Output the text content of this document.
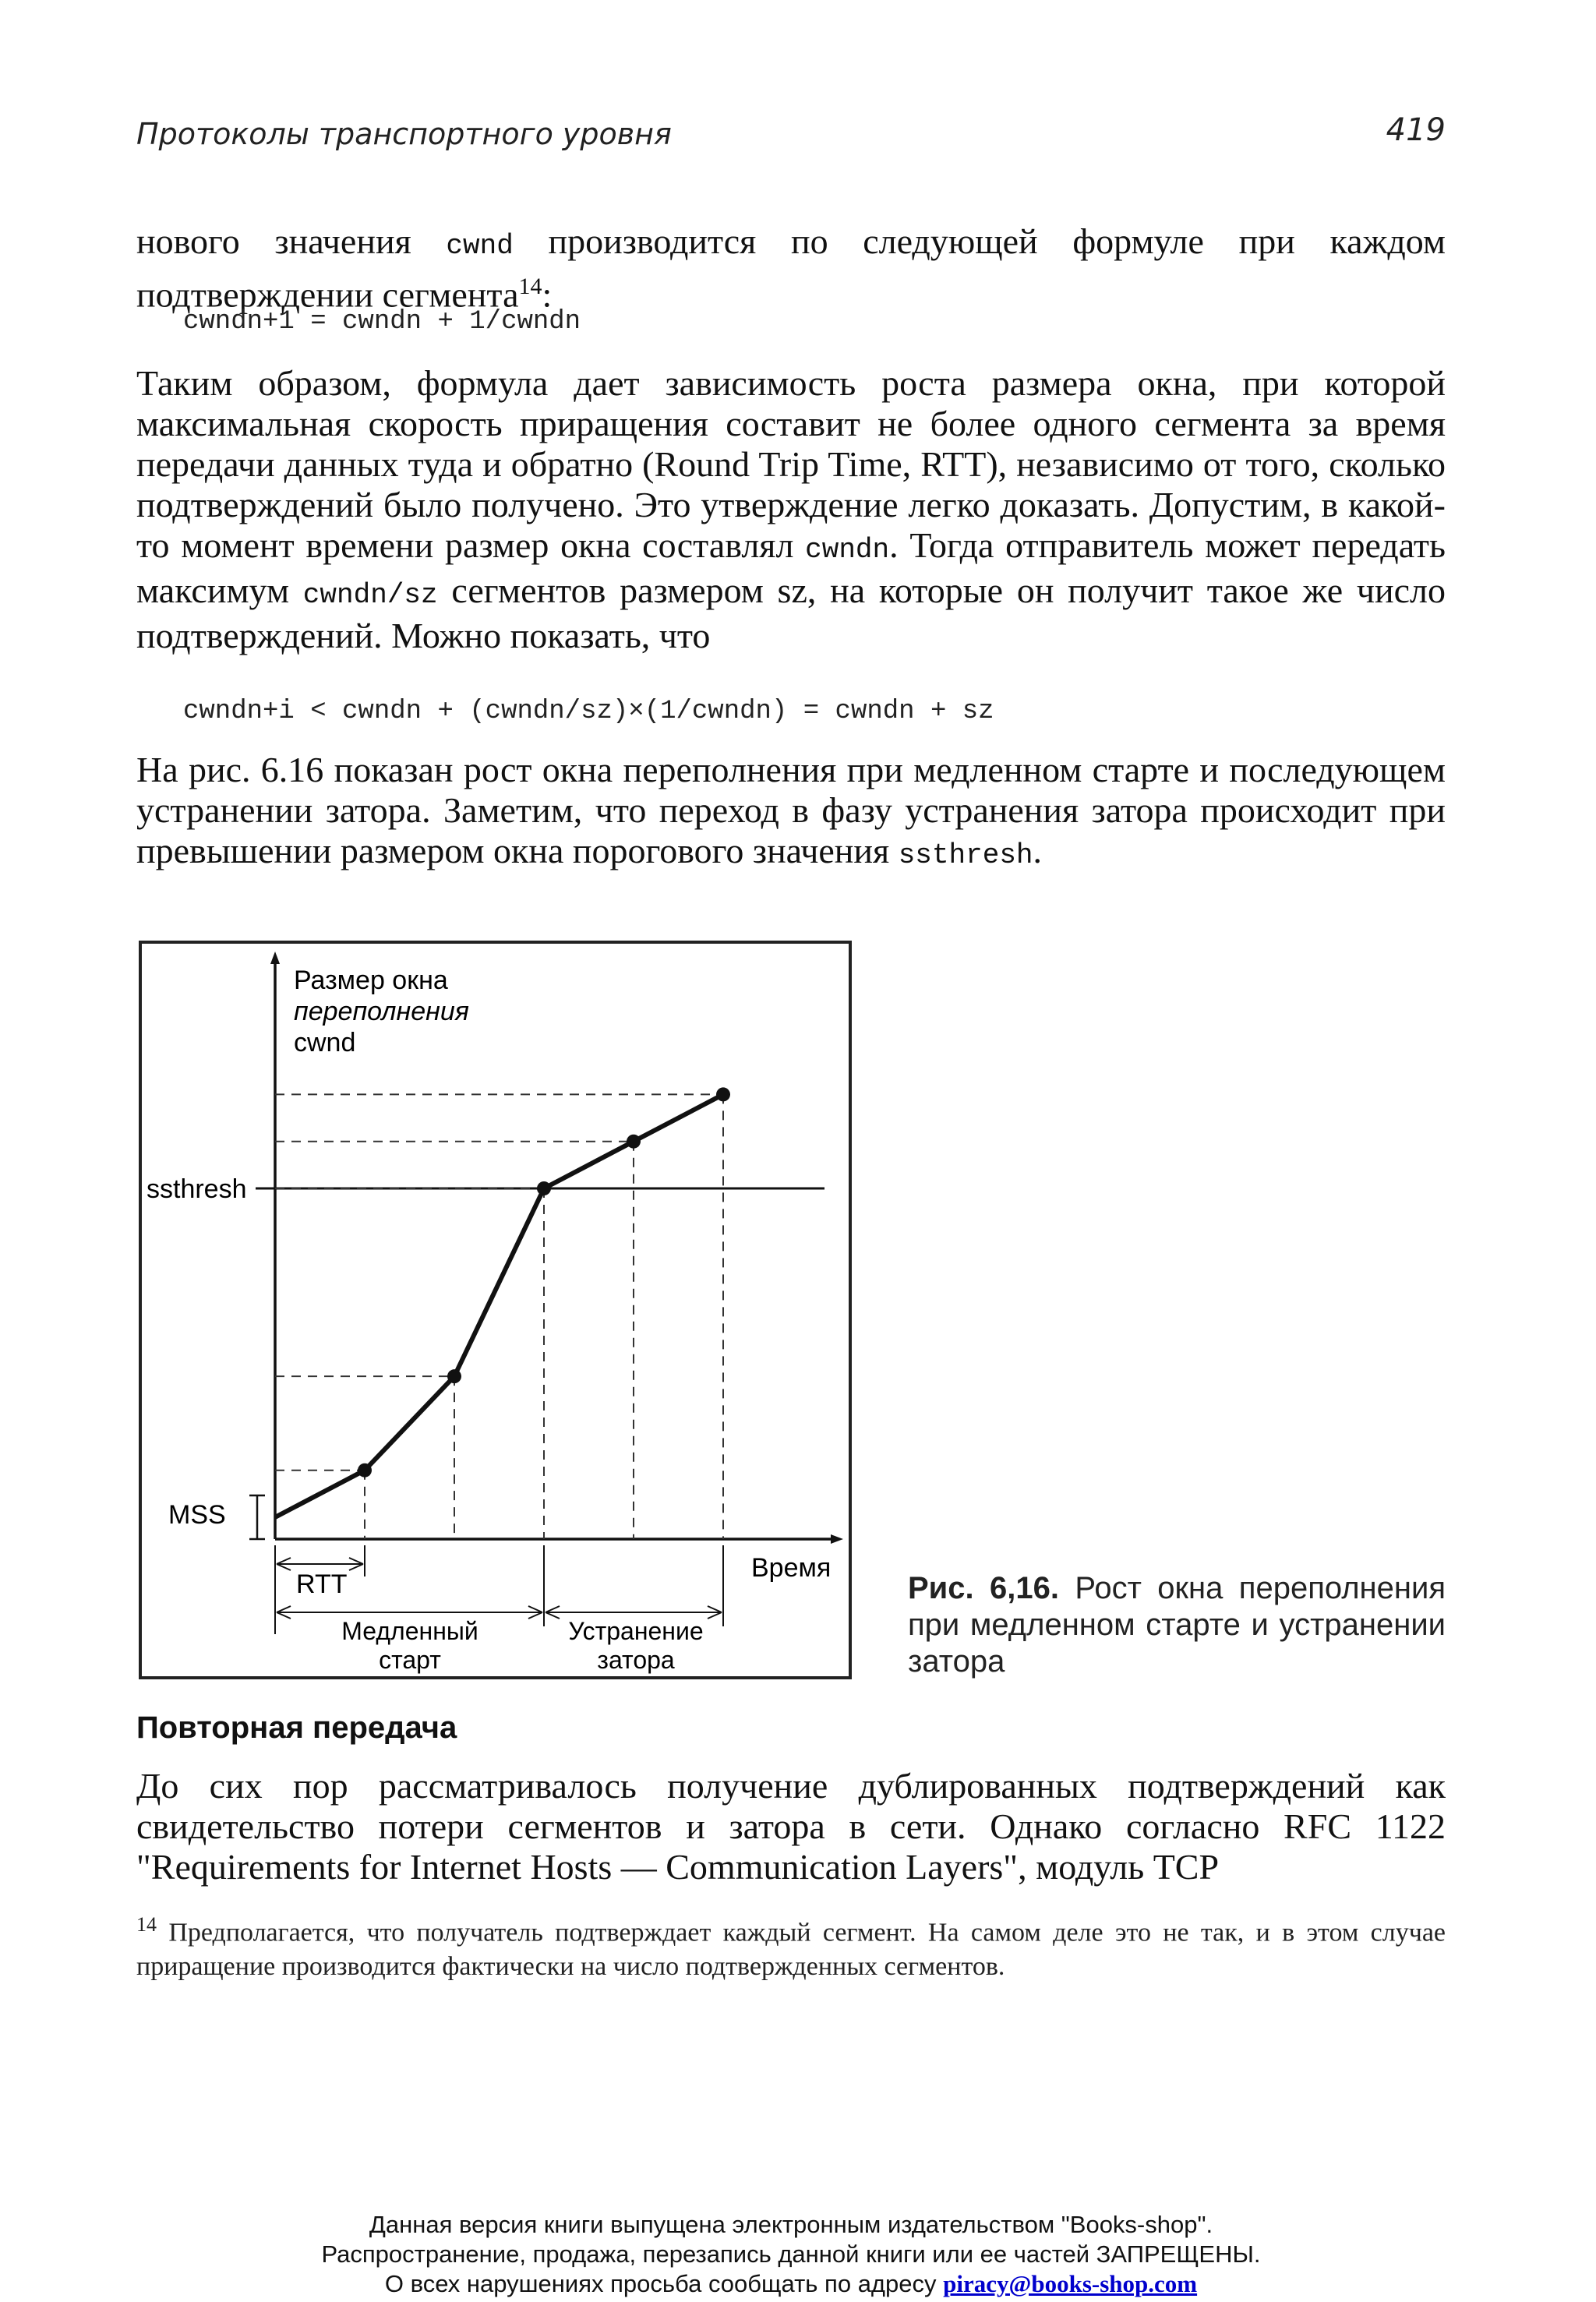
Протоколы транспортного уровня	419
нового значения cwnd производится по следующей формуле при каждом подтверждении сегмента$^{14}$:
cwndn+1 = cwndn + 1/cwndn
Таким образом, формула дает зависимость роста размера окна, при которой максимальная скорость приращения составит не более одного сегмента за время передачи данных туда и обратно (Round Trip Time, RTT), независимо от того, сколько подтверждений было получено. Это утверждение легко доказать. Допустим, в какой-то момент времени размер окна составлял cwndn. Тогда отправитель может передать максимум cwndn/sz сегментов размером sz, на которые он получит такое же число подтверждений. Можно показать, что
cwndn+i < cwndn + (cwndn/sz)×(1/cwndn) = cwndn + sz
На рис. 6.16 показан рост окна переполнения при медленном старте и последующем устранении затора. Заметим, что переход в фазу устранения затора происходит при превышении размером окна порогового значения ssthresh.
Размер окна
переполнения
cwnd
ssthresh
MSS
Время
RTT
Медленный
старт
Устранение
затора
Рис. 6,16. Рост окна переполнения при медленном старте и устранении затора
Повторная передача
До сих пор рассматривалось получение дублированных подтверждений как свидетельство потери сегментов и затора в сети. Однако согласно RFC 1122 "Requirements for Internet Hosts — Communication Layers", модуль TCP
$^{14}$ Предполагается, что получатель подтверждает каждый сегмент. На самом деле это не так, и в этом случае приращение производится фактически на число подтвержденных сегментов.
Данная версия книги выпущена электронным издательством "Books-shop".
Распространение, продажа, перезапись данной книги или ее частей ЗАПРЕЩЕНЫ.
О всех нарушениях просьба сообщать по адресу piracy@books-shop.com
